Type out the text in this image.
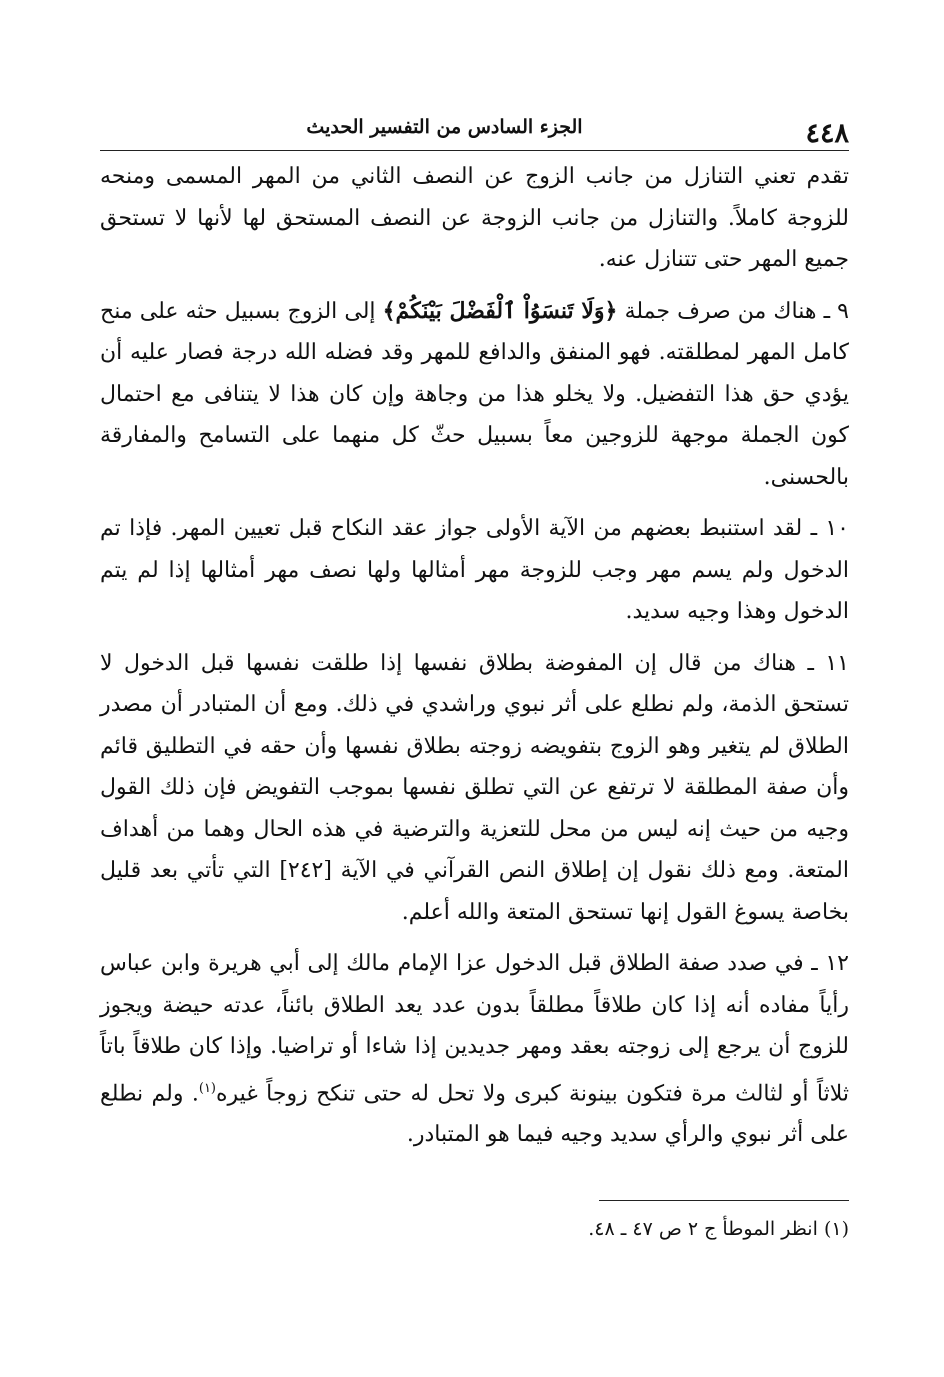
٤٤٨
الجزء السادس من التفسير الحديث

تقدم تعني التنازل من جانب الزوج عن النصف الثاني من المهر المسمى ومنحه للزوجة كاملاً. والتنازل من جانب الزوجة عن النصف المستحق لها لأنها لا تستحق جميع المهر حتى تتنازل عنه.

٩ ـ هناك من صرف جملة ﴿وَلَا تَنسَوُاْ ٱلْفَضْلَ بَيْنَكُمْ﴾ إلى الزوج بسبيل حثه على منح كامل المهر لمطلقته. فهو المنفق والدافع للمهر وقد فضله الله درجة فصار عليه أن يؤدي حق هذا التفضيل. ولا يخلو هذا من وجاهة وإن كان هذا لا يتنافى مع احتمال كون الجملة موجهة للزوجين معاً بسبيل حثّ كل منهما على التسامح والمفارقة بالحسنى.

١٠ ـ لقد استنبط بعضهم من الآية الأولى جواز عقد النكاح قبل تعيين المهر. فإذا تم الدخول ولم يسم مهر وجب للزوجة مهر أمثالها ولها نصف مهر أمثالها إذا لم يتم الدخول وهذا وجيه سديد.

١١ ـ هناك من قال إن المفوضة بطلاق نفسها إذا طلقت نفسها قبل الدخول لا تستحق الذمة، ولم نطلع على أثر نبوي وراشدي في ذلك. ومع أن المتبادر أن مصدر الطلاق لم يتغير وهو الزوج بتفويضه زوجته بطلاق نفسها وأن حقه في التطليق قائم وأن صفة المطلقة لا ترتفع عن التي تطلق نفسها بموجب التفويض فإن ذلك القول وجيه من حيث إنه ليس من محل للتعزية والترضية في هذه الحال وهما من أهداف المتعة. ومع ذلك نقول إن إطلاق النص القرآني في الآية [٢٤٢] التي تأتي بعد قليل بخاصة يسوغ القول إنها تستحق المتعة والله أعلم.

١٢ ـ في صدد صفة الطلاق قبل الدخول عزا الإمام مالك إلى أبي هريرة وابن عباس رأياً مفاده أنه إذا كان طلاقاً مطلقاً بدون عدد يعد الطلاق بائناً، عدته حيضة ويجوز للزوج أن يرجع إلى زوجته بعقد ومهر جديدين إذا شاءا أو تراضيا. وإذا كان طلاقاً باتاً ثلاثاً أو لثالث مرة فتكون بينونة كبرى ولا تحل له حتى تنكح زوجاً غيره$^{(١)}$. ولم نطلع على أثر نبوي والرأي سديد وجيه فيما هو المتبادر.

(١) انظر الموطأ ج ٢ ص ٤٧ ـ ٤٨.
